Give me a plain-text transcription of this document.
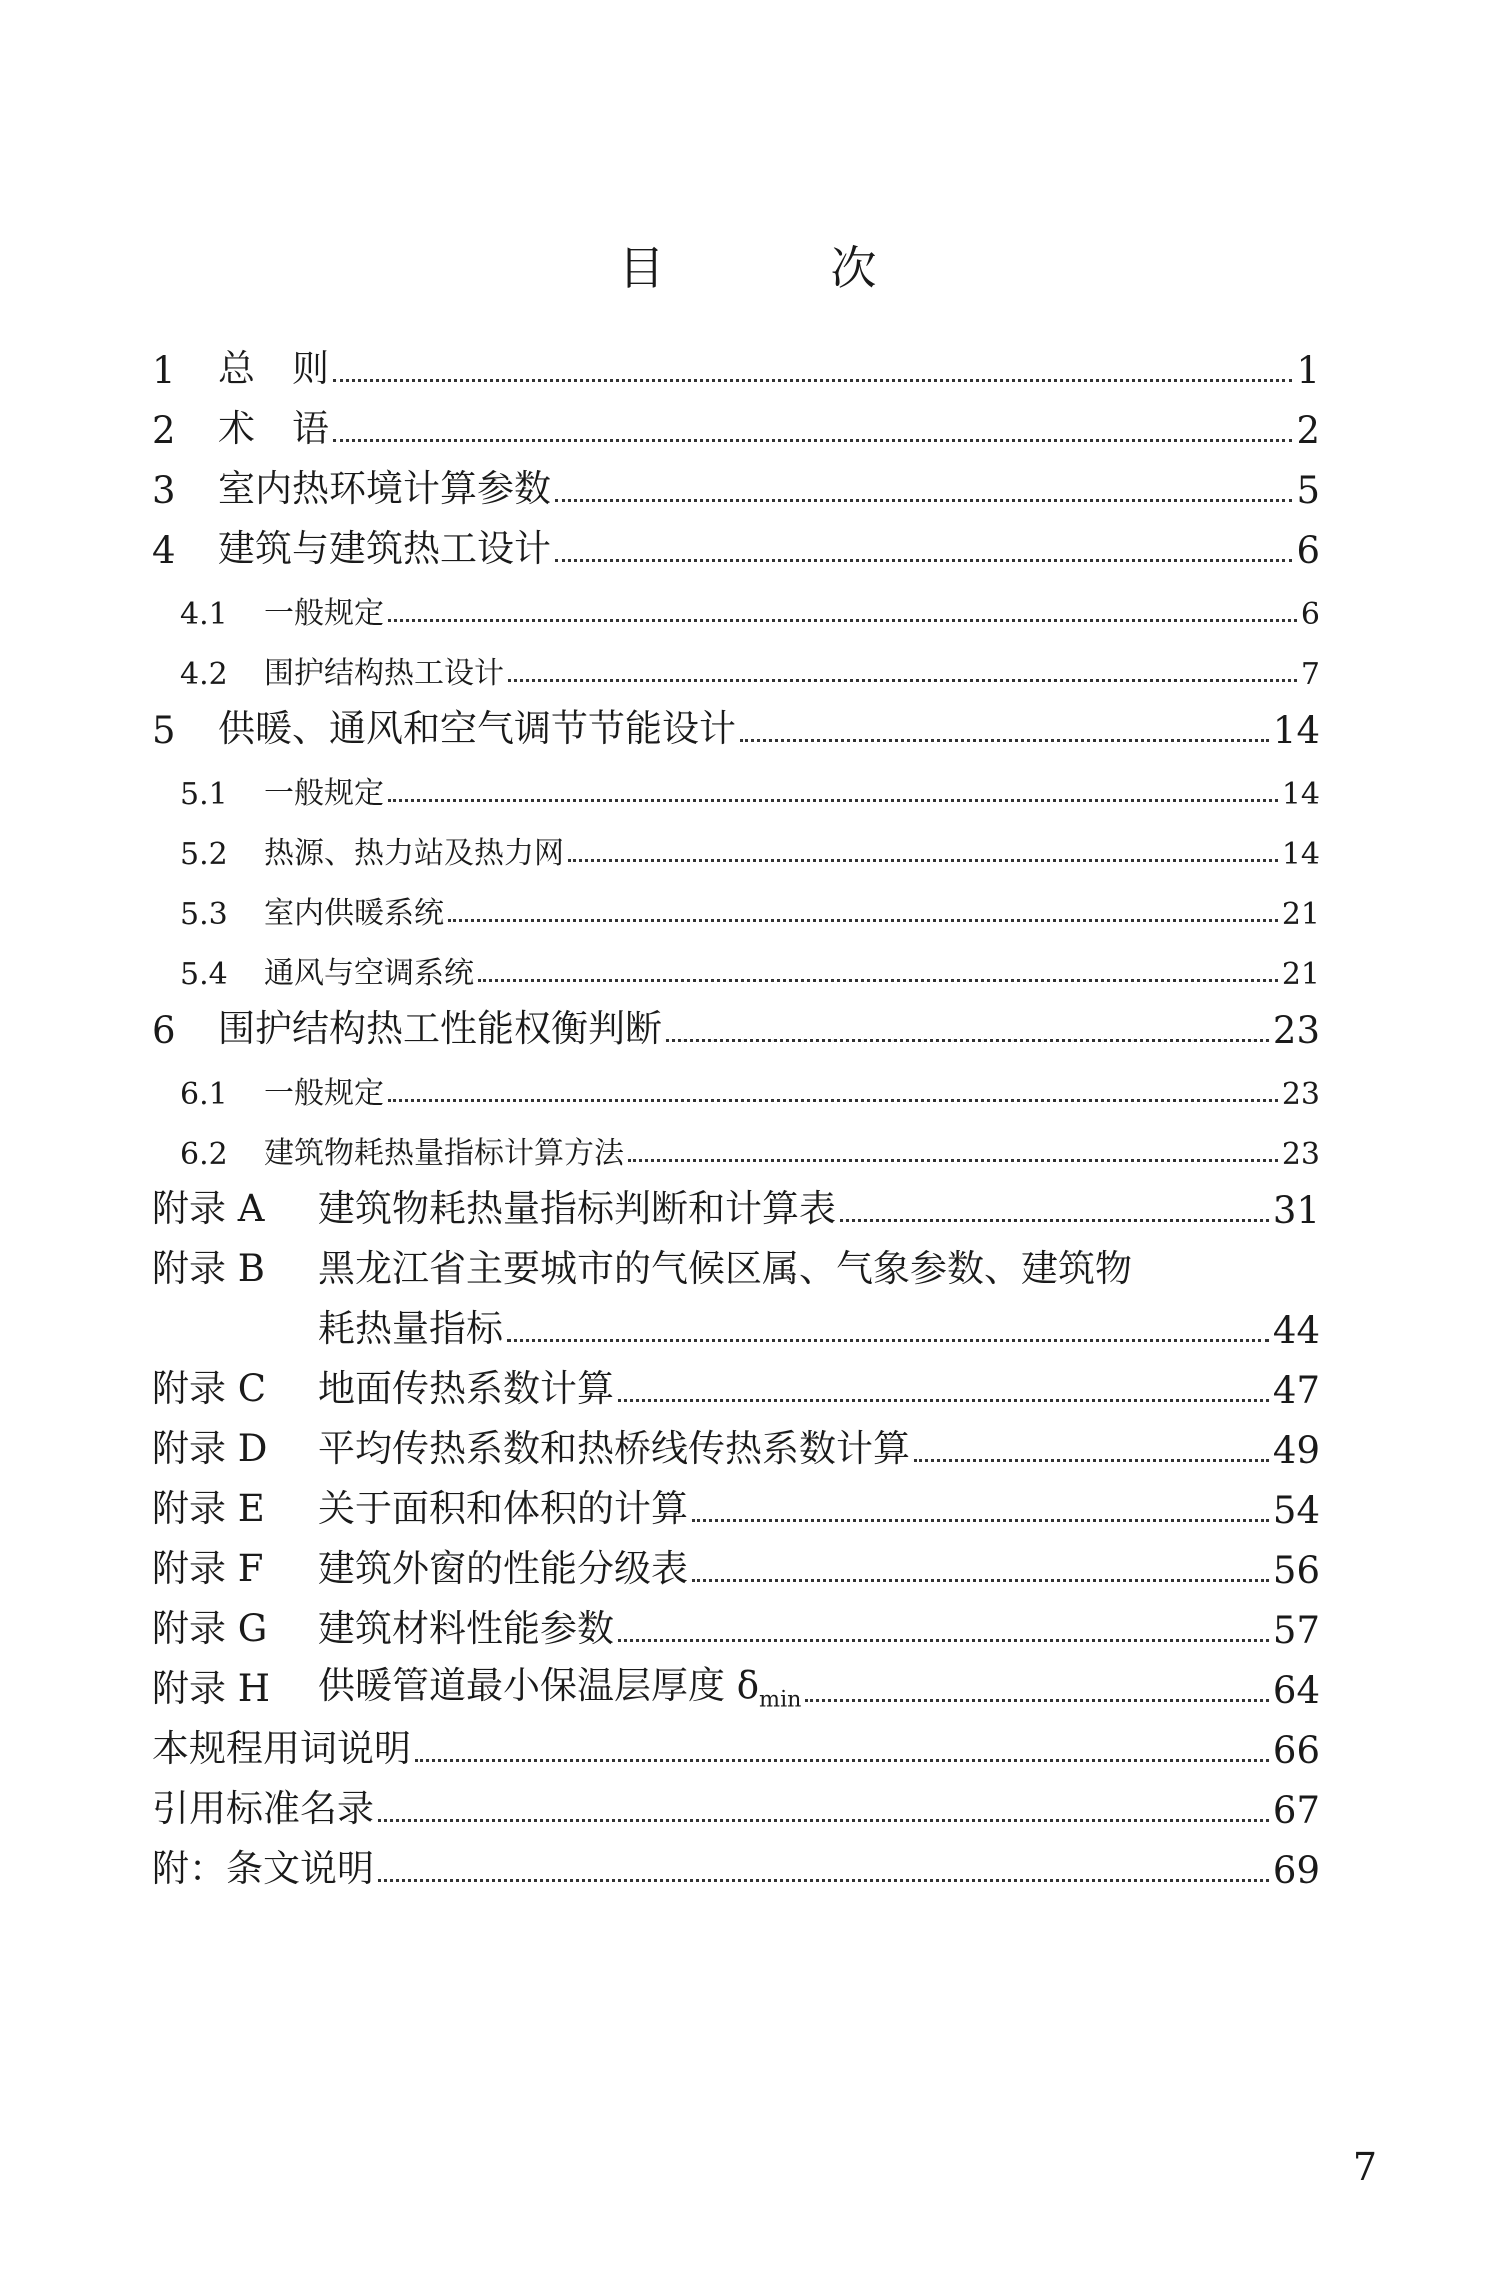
目　次
1	总　则	1
2	术　语	2
3	室内热环境计算参数	5
4	建筑与建筑热工设计	6
4.1	一般规定	6
4.2	围护结构热工设计	7
5	供暖、通风和空气调节节能设计	14
5.1	一般规定	14
5.2	热源、热力站及热力网	14
5.3	室内供暖系统	21
5.4	通风与空调系统	21
6	围护结构热工性能权衡判断	23
6.1	一般规定	23
6.2	建筑物耗热量指标计算方法	23
附录 A	建筑物耗热量指标判断和计算表	31
附录 B	黑龙江省主要城市的气候区属、气象参数、建筑物
耗热量指标	44
附录 C	地面传热系数计算	47
附录 D	平均传热系数和热桥线传热系数计算	49
附录 E	关于面积和体积的计算	54
附录 F	建筑外窗的性能分级表	56
附录 G	建筑材料性能参数	57
附录 H	供暖管道最小保温层厚度 $\delta_{min}$	64
本规程用词说明	66
引用标准名录	67
附：条文说明	69
7
